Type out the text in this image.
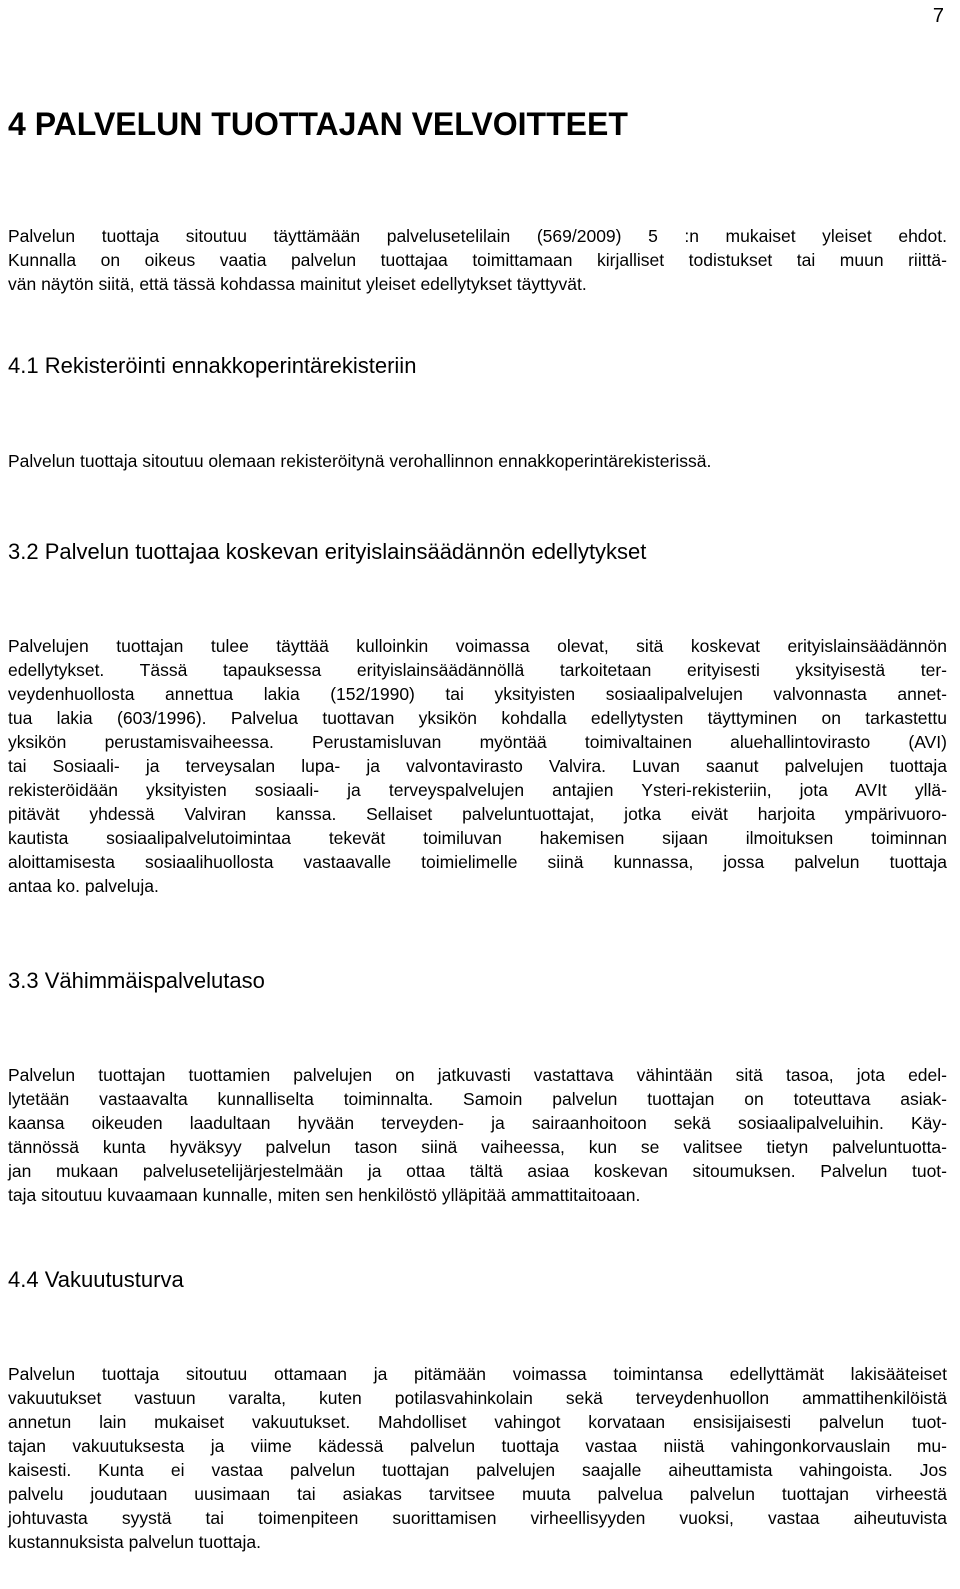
7
4 PALVELUN TUOTTAJAN VELVOITTEET
Palvelun tuottaja sitoutuu täyttämään palvelusetelilain (569/2009) 5 :n mukaiset yleiset ehdot.
Kunnalla on oikeus vaatia palvelun tuottajaa toimittamaan kirjalliset todistukset tai muun riittä-
vän näytön siitä, että tässä kohdassa mainitut yleiset edellytykset täyttyvät.
4.1 Rekisteröinti ennakkoperintärekisteriin
Palvelun tuottaja sitoutuu olemaan rekisteröitynä verohallinnon ennakkoperintärekisterissä.
3.2 Palvelun tuottajaa koskevan erityislainsäädännön edellytykset
Palvelujen tuottajan tulee täyttää kulloinkin voimassa olevat, sitä koskevat erityislainsäädännön
edellytykset. Tässä tapauksessa erityislainsäädännöllä tarkoitetaan erityisesti yksityisestä ter-
veydenhuollosta annettua lakia (152/1990) tai yksityisten sosiaalipalvelujen valvonnasta annet-
tua lakia (603/1996). Palvelua tuottavan yksikön kohdalla edellytysten täyttyminen on tarkastettu
yksikön perustamisvaiheessa. Perustamisluvan myöntää toimivaltainen aluehallintovirasto (AVI)
tai Sosiaali- ja terveysalan lupa- ja valvontavirasto Valvira. Luvan saanut palvelujen tuottaja
rekisteröidään yksityisten sosiaali- ja terveyspalvelujen antajien Ysteri-rekisteriin, jota AVIt yllä-
pitävät yhdessä Valviran kanssa. Sellaiset palveluntuottajat, jotka eivät harjoita ympärivuoro-
kautista sosiaalipalvelutoimintaa tekevät toimiluvan hakemisen sijaan ilmoituksen toiminnan
aloittamisesta sosiaalihuollosta vastaavalle toimielimelle siinä kunnassa, jossa palvelun tuottaja
antaa ko. palveluja.
3.3 Vähimmäispalvelutaso
Palvelun tuottajan tuottamien palvelujen on jatkuvasti vastattava vähintään sitä tasoa, jota edel-
lytetään vastaavalta kunnalliselta toiminnalta. Samoin palvelun tuottajan on toteuttava asiak-
kaansa oikeuden laadultaan hyvään terveyden- ja sairaanhoitoon sekä sosiaalipalveluihin. Käy-
tännössä kunta hyväksyy palvelun tason siinä vaiheessa, kun se valitsee tietyn palveluntuotta-
jan mukaan palvelusetelijärjestelmään ja ottaa tältä asiaa koskevan sitoumuksen. Palvelun tuot-
taja sitoutuu kuvaamaan kunnalle, miten sen henkilöstö ylläpitää ammattitaitoaan.
4.4 Vakuutusturva
Palvelun tuottaja sitoutuu ottamaan ja pitämään voimassa toimintansa edellyttämät lakisääteiset
vakuutukset vastuun varalta, kuten potilasvahinkolain sekä terveydenhuollon ammattihenkilöistä
annetun lain mukaiset vakuutukset. Mahdolliset vahingot korvataan ensisijaisesti palvelun tuot-
tajan vakuutuksesta ja viime kädessä palvelun tuottaja vastaa niistä vahingonkorvauslain mu-
kaisesti. Kunta ei vastaa palvelun tuottajan palvelujen saajalle aiheuttamista vahingoista. Jos
palvelu joudutaan uusimaan tai asiakas tarvitsee muuta palvelua palvelun tuottajan virheestä
johtuvasta syystä tai toimenpiteen suorittamisen virheellisyyden vuoksi, vastaa aiheutuvista
kustannuksista palvelun tuottaja.
